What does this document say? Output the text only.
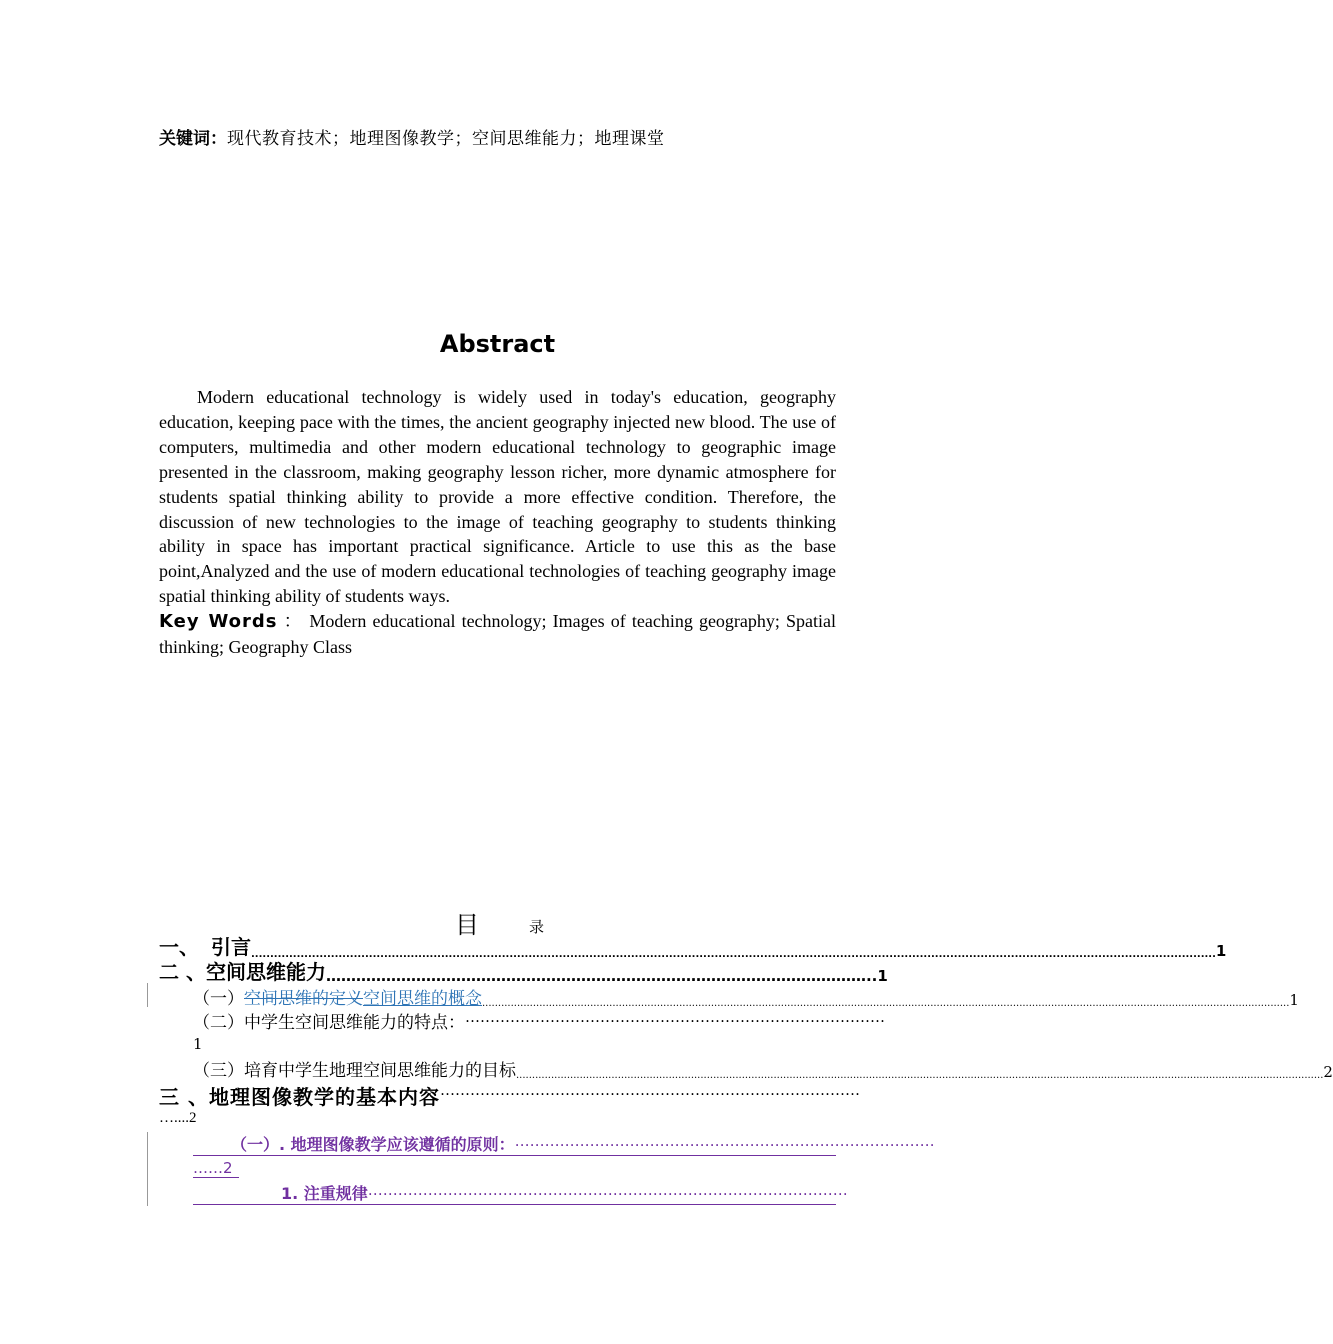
关键词：现代教育技术；地理图像教学；空间思维能力；地理课堂
Abstract

Modern educational technology is widely used in today's education, geography education, keeping pace with the times, the ancient geography injected new blood. The use of computers, multimedia and other modern educational technology to geographic image presented in the classroom, making geography lesson richer, more dynamic atmosphere for students spatial thinking ability to provide a more effective condition. Therefore, the discussion of new technologies to the image of teaching geography to students thinking ability in space has important practical significance. Article to use this as the base point,Analyzed and the use of modern educational technologies of teaching geography image spatial thinking ability of students ways.

Key Words ： Modern educational technology; Images of teaching geography; Spatial thinking; Geography Class

目	录
一、 引言 .............................................................................................................................................................................................................................................................. 1
二 、空间思维能力 ……………………………………………………………………………………………… ..1
（一）空间思维的定义空间思维的概念 .............................................................................................................................................................................................................................................................. 1
（二）中学生空间思维能力的特点： …………………………………………………………………………
1
（三）培育中学生地理空间思维能力的目标 .............................................................................................................................................................................................................................................................. 2
三 、 地理图像教学的基本内容 …………………………………………………………………………
…....2
（一）. 地理图像教学应该遵循的原则： …………………………………………………………………………
……2
1. 注重规律 ……………………………………………………………………………………
